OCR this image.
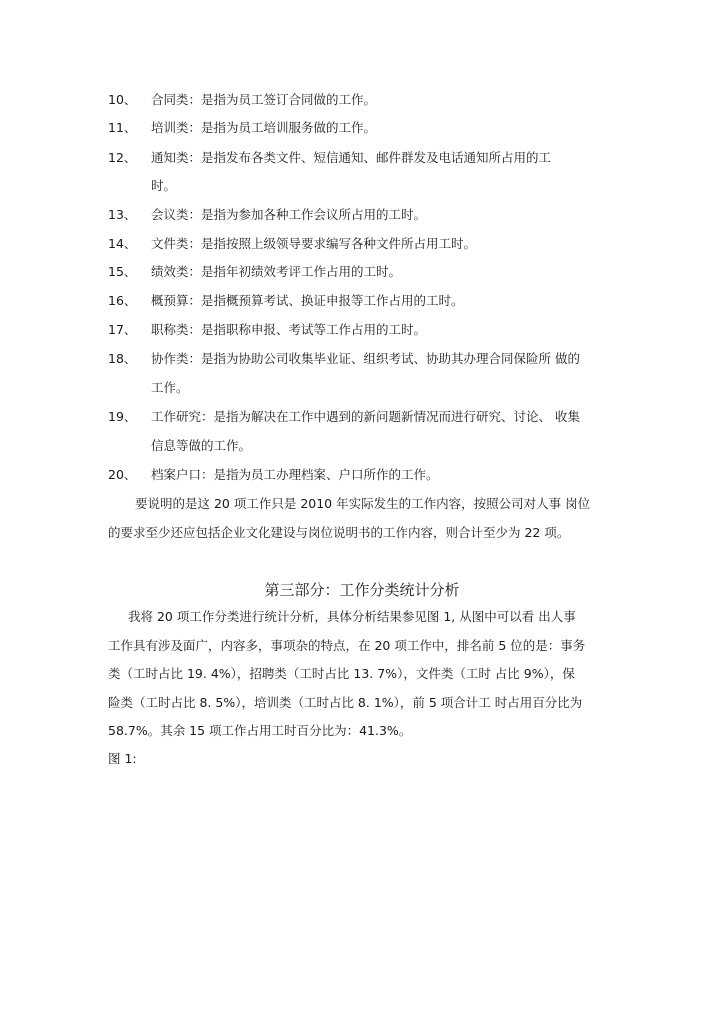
10、 合同类：是指为员工签订合同做的工作。
11、 培训类：是指为员工培训服务做的工作。
12、 通知类：是指发布各类文件、短信通知、邮件群发及电话通知所占用的工
时。
13、 会议类：是指为参加各种工作会议所占用的工时。
14、 文件类：是指按照上级领导要求编写各种文件所占用工时。
15、 绩效类：是指年初绩效考评工作占用的工时。
16、 概预算：是指概预算考试、换证申报等工作占用的工时。
17、 职称类：是指职称申报、考试等工作占用的工时。
18、 协作类：是指为协助公司收集毕业证、组织考试、协助其办理合同保险所 做的
工作。
19、 工作研究：是指为解决在工作中遇到的新问题新情况而进行研究、讨论、 收集
信息等做的工作。
20、 档案户口：是指为员工办理档案、户口所作的工作。
要说明的是这 20 项工作只是 2010 年实际发生的工作内容，按照公司对人事 岗位
的要求至少还应包括企业文化建设与岗位说明书的工作内容，则合计至少为 22 项。
第三部分：工作分类统计分析
我将 20 项工作分类进行统计分析，具体分析结果参见图 1, 从图中可以看 出人事
工作具有涉及面广，内容多，事项杂的特点，在 20 项工作中，排名前 5 位的是：事务
类（工时占比 19. 4%），招聘类（工时占比 13. 7%），文件类（工时 占比 9%），保
险类（工时占比 8. 5%），培训类（工时占比 8. 1%），前 5 项合计工 时占用百分比为
58.7%。其余 15 项工作占用工时百分比为：41.3%。
图 1:
